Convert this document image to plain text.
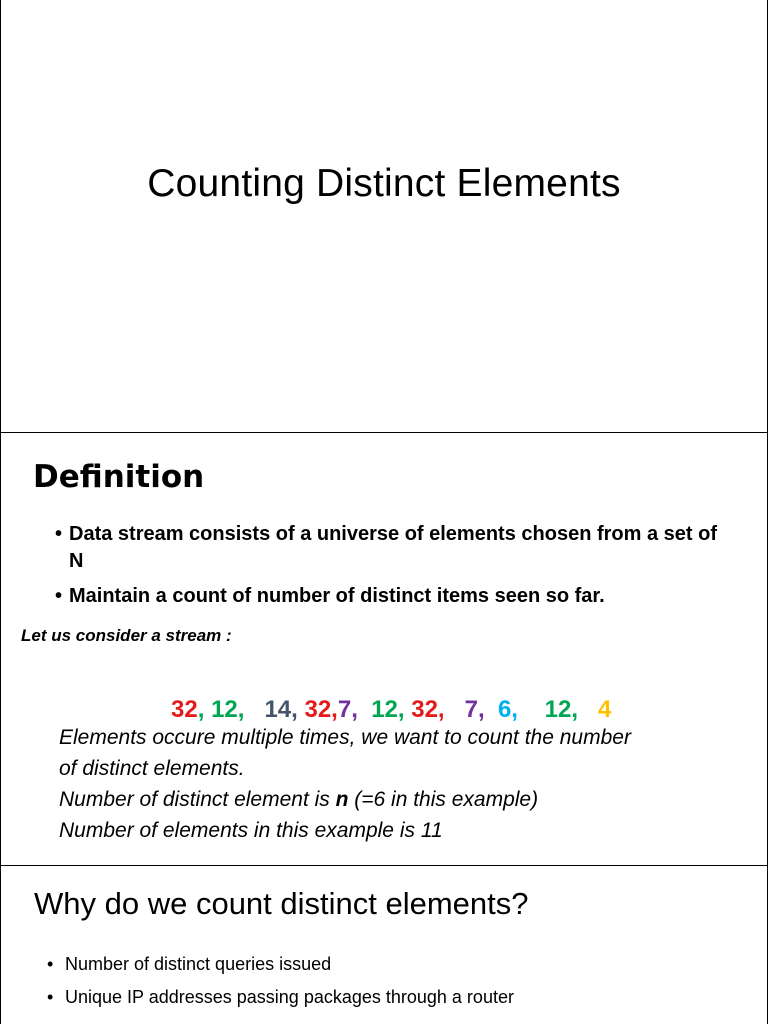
Counting Distinct Elements
Definition
• Data stream consists of a universe of elements chosen from a set of N
• Maintain a count of number of distinct items seen so far.
Let us consider a stream :

32, 12,   14, 32,7,  12, 32,   7,  6,    12,   4

Elements occure multiple times, we want to count the number
of distinct elements.
Number of distinct element is n (=6 in this example)
Number of elements in this example is 11
Why do we count distinct elements?
• Number of distinct queries issued
• Unique IP addresses passing packages through a router
